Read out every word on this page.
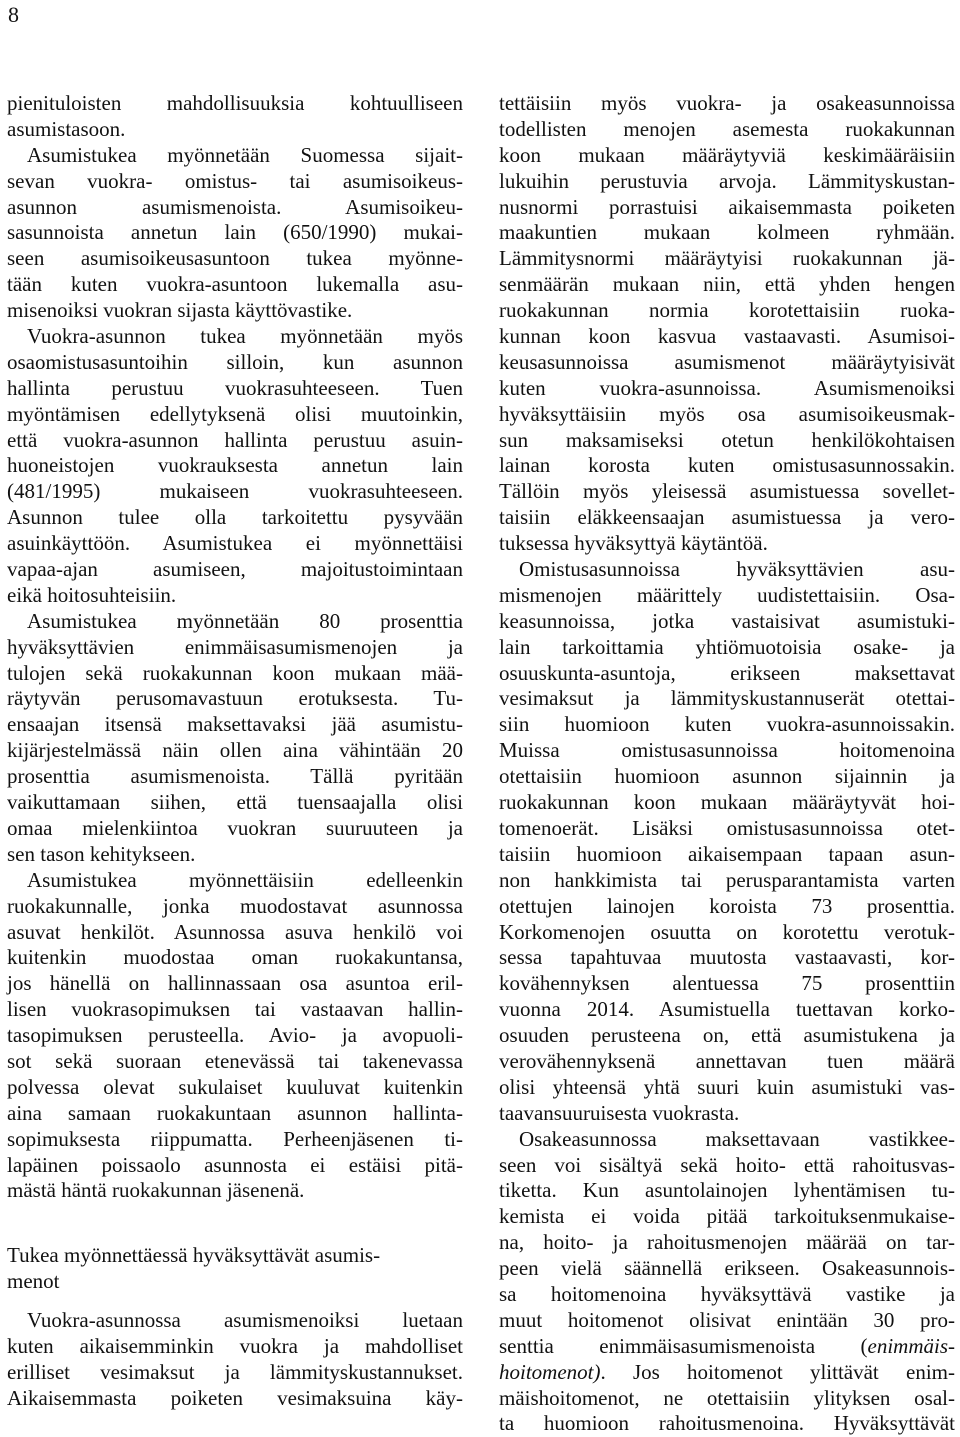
8
pienituloisten mahdollisuuksia kohtuulliseen
asumistasoon.
Asumistukea myönnetään Suomessa sijait-
sevan vuokra- omistus- tai asumisoikeus-
asunnon asumismenoista. Asumisoikeu-
sasunnoista annetun lain (650/1990) mukai-
seen asumisoikeusasuntoon tukea myönne-
tään kuten vuokra-asuntoon lukemalla asu-
misenoiksi vuokran sijasta käyttövastike.
Vuokra-asunnon tukea myönnetään myös
osaomistusasuntoihin silloin, kun asunnon
hallinta perustuu vuokrasuhteeseen. Tuen
myöntämisen edellytyksenä olisi muutoinkin,
että vuokra-asunnon hallinta perustuu asuin-
huoneistojen vuokrauksesta annetun lain
(481/1995) mukaiseen vuokrasuhteeseen.
Asunnon tulee olla tarkoitettu pysyvään
asuinkäyttöön. Asumistukea ei myönnettäisi
vapaa-ajan asumiseen, majoitustoimintaan
eikä hoitosuhteisiin.
Asumistukea myönnetään 80 prosenttia
hyväksyttävien enimmäisasumismenojen ja
tulojen sekä ruokakunnan koon mukaan mää-
räytyvän perusomavastuun erotuksesta. Tu-
ensaajan itsensä maksettavaksi jää asumistu-
kijärjestelmässä näin ollen aina vähintään 20
prosenttia asumismenoista. Tällä pyritään
vaikuttamaan siihen, että tuensaajalla olisi
omaa mielenkiintoa vuokran suuruuteen ja
sen tason kehitykseen.
Asumistukea myönnettäisiin edelleenkin
ruokakunnalle, jonka muodostavat asunnossa
asuvat henkilöt. Asunnossa asuva henkilö voi
kuitenkin muodostaa oman ruokakuntansa,
jos hänellä on hallinnassaan osa asuntoa eril-
lisen vuokrasopimuksen tai vastaavan hallin-
tasopimuksen perusteella. Avio- ja avopuoli-
sot sekä suoraan etenevässä tai takenevassa
polvessa olevat sukulaiset kuuluvat kuitenkin
aina samaan ruokakuntaan asunnon hallinta-
sopimuksesta riippumatta. Perheenjäsenen ti-
lapäinen poissaolo asunnosta ei estäisi pitä-
mästä häntä ruokakunnan jäsenenä.
Tukea myönnettäessä hyväksyttävät asumis-
menot
Vuokra-asunnossa asumismenoiksi luetaan
kuten aikaisemminkin vuokra ja mahdolliset
erilliset vesimaksut ja lämmityskustannukset.
Aikaisemmasta poiketen vesimaksuina käy-
tettäisiin myös vuokra- ja osakeasunnoissa
todellisten menojen asemesta ruokakunnan
koon mukaan määräytyviä keskimääräisiin
lukuihin perustuvia arvoja. Lämmityskustan-
nusnormi porrastuisi aikaisemmasta poiketen
maakuntien mukaan kolmeen ryhmään.
Lämmitysnormi määräytyisi ruokakunnan jä-
senmäärän mukaan niin, että yhden hengen
ruokakunnan normia korotettaisiin ruoka-
kunnan koon kasvua vastaavasti. Asumisoi-
keusasunnoissa asumismenot määräytyisivät
kuten vuokra-asunnoissa. Asumismenoiksi
hyväksyttäisiin myös osa asumisoikeusmak-
sun maksamiseksi otetun henkilökohtaisen
lainan korosta kuten omistusasunnossakin.
Tällöin myös yleisessä asumistuessa sovellet-
taisiin eläkkeensaajan asumistuessa ja vero-
tuksessa hyväksyttyä käytäntöä.
Omistusasunnoissa hyväksyttävien asu-
mismenojen määrittely uudistettaisiin. Osa-
keasunnoissa, jotka vastaisivat asumistuki-
lain tarkoittamia yhtiömuotoisia osake- ja
osuuskunta-asuntoja, erikseen maksettavat
vesimaksut ja lämmityskustannuserät otettai-
siin huomioon kuten vuokra-asunnoissakin.
Muissa omistusasunnoissa hoitomenoina
otettaisiin huomioon asunnon sijainnin ja
ruokakunnan koon mukaan määräytyvät hoi-
tomenoerät. Lisäksi omistusasunnoissa otet-
taisiin huomioon aikaisempaan tapaan asun-
non hankkimista tai perusparantamista varten
otettujen lainojen koroista 73 prosenttia.
Korkomenojen osuutta on korotettu verotuk-
sessa tapahtuvaa muutosta vastaavasti, kor-
kovähennyksen alentuessa 75 prosenttiin
vuonna 2014. Asumistuella tuettavan korko-
osuuden perusteena on, että asumistukena ja
verovähennyksenä annettavan tuen määrä
olisi yhteensä yhtä suuri kuin asumistuki vas-
taavansuuruisesta vuokrasta.
Osakeasunnossa maksettavaan vastikkee-
seen voi sisältyä sekä hoito- että rahoitusvas-
tiketta. Kun asuntolainojen lyhentämisen tu-
kemista ei voida pitää tarkoituksenmukaise-
na, hoito- ja rahoitusmenojen määrää on tar-
peen vielä säännellä erikseen. Osakeasunnois-
sa hoitomenoina hyväksyttävä vastike ja
muut hoitomenot olisivat enintään 30 pro-
senttia enimmäisasumismenoista (enimmäis-
hoitomenot). Jos hoitomenot ylittävät enim-
mäishoitomenot, ne otettaisiin ylityksen osal-
ta huomioon rahoitusmenoina. Hyväksyttävät
